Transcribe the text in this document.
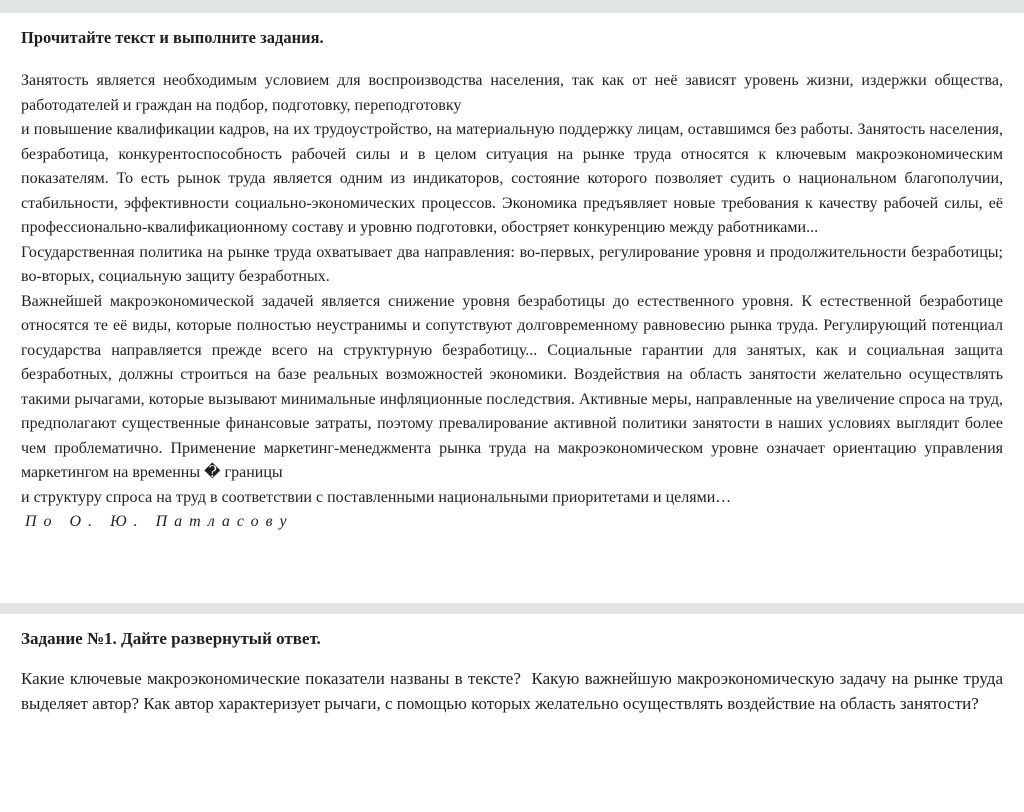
Прочитайте текст и выполните задания.

Занятость является необходимым условием для воспроизводства населения, так как от неё зависят уровень жизни, издержки общества, работодателей и граждан на подбор, подготовку, переподготовку

и повышение квалификации кадров, на их трудоустройство, на материальную поддержку лицам, оставшимся без работы. Занятость населения, безработица, конкурентоспособность рабочей силы и в целом ситуация на рынке труда относятся к ключевым макроэкономическим показателям. То есть рынок труда является одним из индикаторов, состояние которого позволяет судить о национальном благополучии, стабильности, эффективности социально-экономических процессов. Экономика предъявляет новые требования к качеству рабочей силы, её профессионально-квалификационному составу и уровню подготовки, обостряет конкуренцию между работниками...

Государственная политика на рынке труда охватывает два направления: во-первых, регулирование уровня и продолжительности безработицы; во-вторых, социальную защиту безработных.

Важнейшей макроэкономической задачей является снижение уровня безработицы до естественного уровня. К естественной безработице относятся те её виды, которые полностью неустранимы и сопутствуют долговременному равновесию рынка труда. Регулирующий потенциал государства направляется прежде всего на структурную безработицу... Социальные гарантии для занятых, как и социальная защита безработных, должны строиться на базе реальных возможностей экономики. Воздействия на область занятости желательно осуществлять такими рычагами, которые вызывают минимальные инфляционные последствия. Активные меры, направленные на увеличение спроса на труд, предполагают существенные финансовые затраты, поэтому превалирование активной политики занятости в наших условиях выглядит более чем проблематично. Применение маркетинг-менеджмента рынка труда на макроэкономическом уровне означает ориентацию управления маркетингом на временны � границы

и структуру спроса на труд в соответствии с поставленными национальными приоритетами и целями…

По О. Ю. Патласову

Задание №1. Дайте развернутый ответ.

Какие ключевые макроэкономические показатели названы в тексте?  Какую важнейшую макроэкономическую задачу на рынке труда выделяет автор? Как автор характеризует рычаги, с помощью которых желательно осуществлять воздействие на область занятости?
